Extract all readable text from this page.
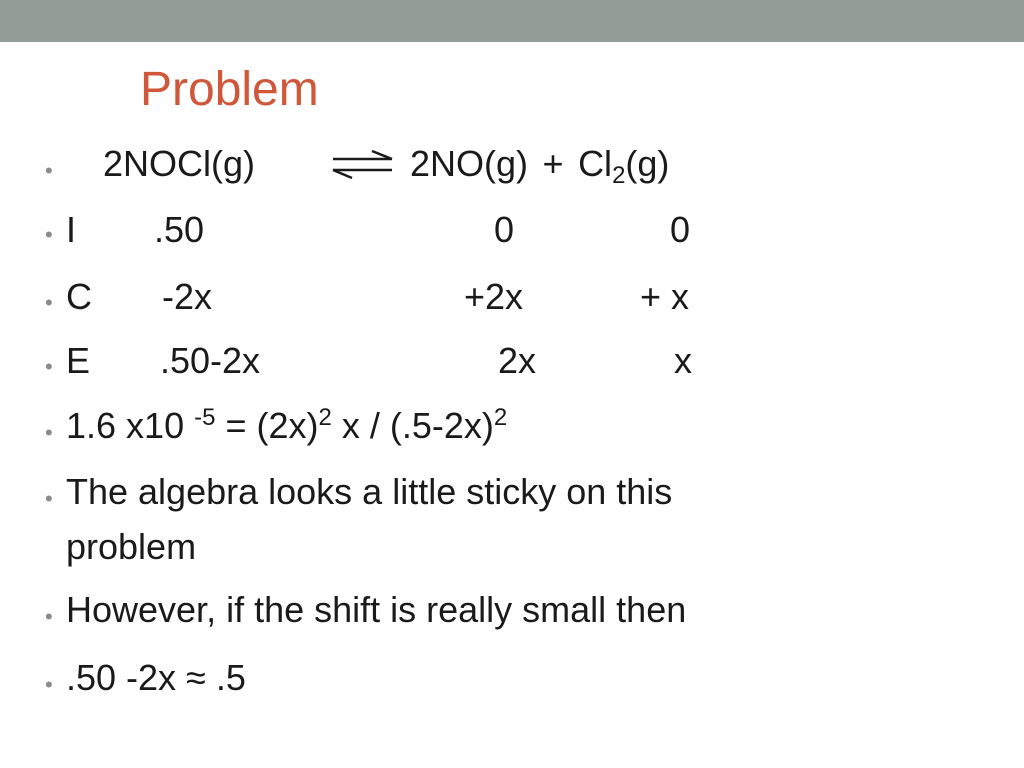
Problem
• 2NOCl(g)	2NO(g) + Cl2(g)
• I .50	0	0
• C -2x	+2x	+ x
• E .50-2x	2x	x
• 1.6 x10 $^{-5} = (2x)^2$ x / $(.5-2x)^2$
• The algebra looks a little sticky on this
problem
• However, if the shift is really small then
• .50 -2x ≈ .5
